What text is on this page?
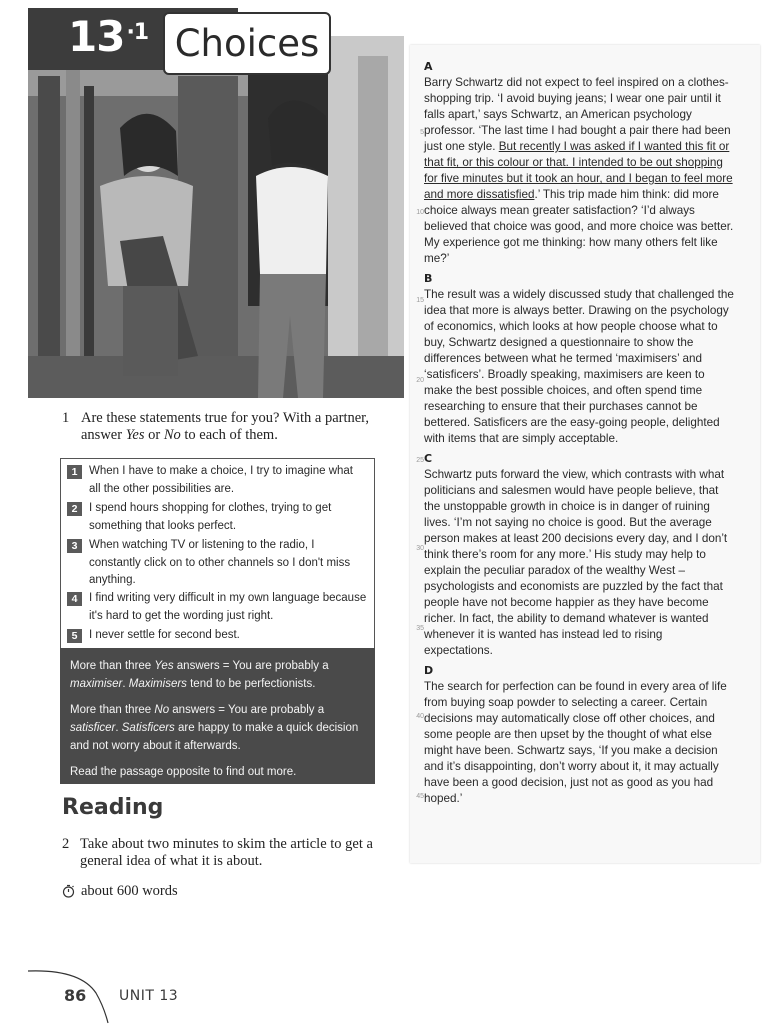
$13^{\cdot 1}$ Choices
1 Are these statements true for you? With a partner, answer Yes or No to each of them.
1	When I have to make a choice, I try to imagine what all the other possibilities are.
2	I spend hours shopping for clothes, trying to get something that looks perfect.
3	When watching TV or listening to the radio, I constantly click on to other channels so I don't miss anything.
4	I find writing very difficult in my own language because it's hard to get the wording just right.
5	I never settle for second best.

More than three Yes answers = You are probably a maximiser. Maximisers tend to be perfectionists.

More than three No answers = You are probably a satisficer. Satisficers are happy to make a quick decision and not worry about it afterwards.

Read the passage opposite to find out more.

Reading
2 Take about two minutes to skim the article to get a general idea of what it is about.
about 600 words

A

Barry Schwartz did not expect to feel inspired on a clothes-shopping trip. ‘I avoid buying jeans; I wear one pair until it falls apart,’ says Schwartz, an American psychology professor. ‘The last time I had bought a pair there had been just one style. But recently I was asked if I wanted this fit or that fit, or this colour or that. I intended to be out shopping for five minutes but it took an hour, and I began to feel more and more dissatisfied.’ This trip made him think: did more choice always mean greater satisfaction? ‘I’d always believed that choice was good, and more choice was better. My experience got me thinking: how many others felt like me?’

B

The result was a widely discussed study that challenged the idea that more is always better. Drawing on the psychology of economics, which looks at how people choose what to buy, Schwartz designed a questionnaire to show the differences between what he termed ‘maximisers’ and ‘satisficers’. Broadly speaking, maximisers are keen to make the best possible choices, and often spend time researching to ensure that their purchases cannot be bettered. Satisficers are the easy-going people, delighted with items that are simply acceptable.

C

Schwartz puts forward the view, which contrasts with what politicians and salesmen would have people believe, that the unstoppable growth in choice is in danger of ruining lives. ‘I’m not saying no choice is good. But the average person makes at least 200 decisions every day, and I don’t think there’s room for any more.’ His study may help to explain the peculiar paradox of the wealthy West – psychologists and economists are puzzled by the fact that people have not become happier as they have become richer. In fact, the ability to demand whatever is wanted whenever it is wanted has instead led to rising expectations.

D

The search for perfection can be found in every area of life from buying soap powder to selecting a career. Certain decisions may automatically close off other choices, and some people are then upset by the thought of what else might have been. Schwartz says, ‘If you make a decision and it’s disappointing, don’t worry about it, it may actually have been a good decision, just not as good as you had hoped.’

5
10
15
20
25
30
35
40
45
86 UNIT 13
